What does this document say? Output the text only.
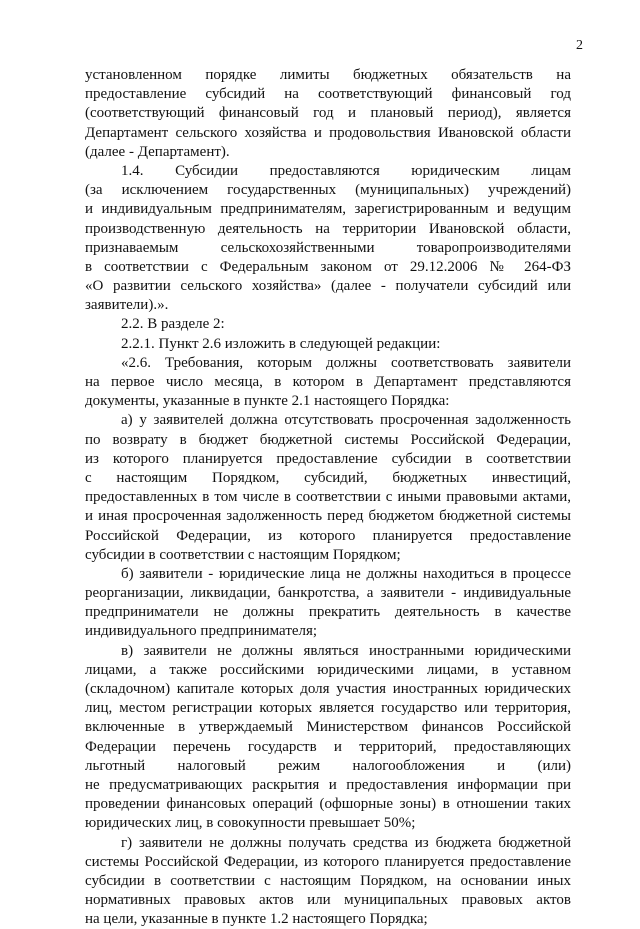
2
установленном порядке лимиты бюджетных обязательств на
предоставление субсидий на соответствующий финансовый год
(соответствующий финансовый год и плановый период), является
Департамент сельского хозяйства и продовольствия Ивановской области
(далее - Департамент).
1.4. Субсидии предоставляются юридическим лицам
(за исключением государственных (муниципальных) учреждений)
и индивидуальным предпринимателям, зарегистрированным и ведущим
производственную деятельность на территории Ивановской области,
признаваемым сельскохозяйственными товаропроизводителями
в соответствии с Федеральным законом от 29.12.2006 № 264-ФЗ
«О развитии сельского хозяйства» (далее - получатели субсидий или
заявители).».
2.2. В разделе 2:
2.2.1. Пункт 2.6 изложить в следующей редакции:
«2.6. Требования, которым должны соответствовать заявители
на первое число месяца, в котором в Департамент представляются
документы, указанные в пункте 2.1 настоящего Порядка:
а) у заявителей должна отсутствовать просроченная задолженность
по возврату в бюджет бюджетной системы Российской Федерации,
из которого планируется предоставление субсидии в соответствии
с настоящим Порядком, субсидий, бюджетных инвестиций,
предоставленных в том числе в соответствии с иными правовыми актами,
и иная просроченная задолженность перед бюджетом бюджетной системы
Российской Федерации, из которого планируется предоставление
субсидии в соответствии с настоящим Порядком;
б) заявители - юридические лица не должны находиться в процессе
реорганизации, ликвидации, банкротства, а заявители - индивидуальные
предприниматели не должны прекратить деятельность в качестве
индивидуального предпринимателя;
в) заявители не должны являться иностранными юридическими
лицами, а также российскими юридическими лицами, в уставном
(складочном) капитале которых доля участия иностранных юридических
лиц, местом регистрации которых является государство или территория,
включенные в утверждаемый Министерством финансов Российской
Федерации перечень государств и территорий, предоставляющих
льготный налоговый режим налогообложения и (или)
не предусматривающих раскрытия и предоставления информации при
проведении финансовых операций (офшорные зоны) в отношении таких
юридических лиц, в совокупности превышает 50%;
г) заявители не должны получать средства из бюджета бюджетной
системы Российской Федерации, из которого планируется предоставление
субсидии в соответствии с настоящим Порядком, на основании иных
нормативных правовых актов или муниципальных правовых актов
на цели, указанные в пункте 1.2 настоящего Порядка;
